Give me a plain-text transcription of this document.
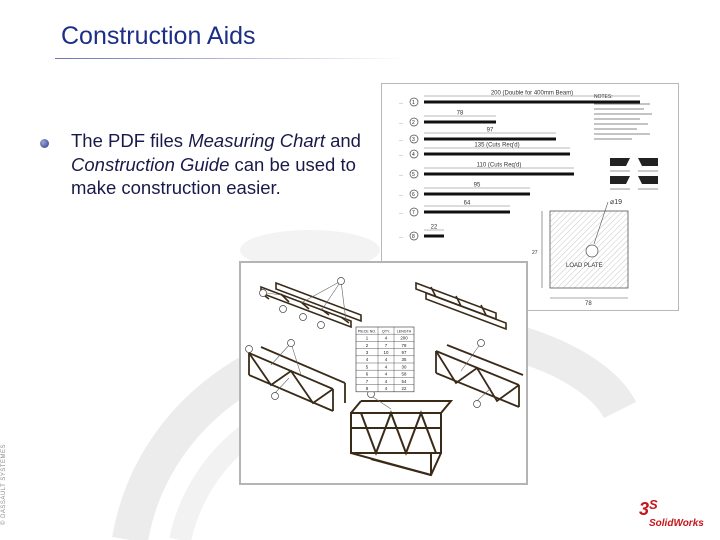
Construction Aids
The PDF files Measuring Chart and Construction Guide can be used to make construction easier.
© DASSAULT SYSTEMES
— 1
200 (Double for 400mm Beam)
— 2
78
— 3
97
— 4
135 (Cuts Req'd)
— 5
110 (Cuts Req'd)
— 6
95
— 7
64
— 8
22
NOTES:
LOAD PLATE
⌀19
78
27
PIECE NO. QTY. LENGTH
1	4	200
2	7	78
3	10	97
4	4	35
5	4	30
6	4	58
7	4	54
8	4	22
3 S
SolidWorks
